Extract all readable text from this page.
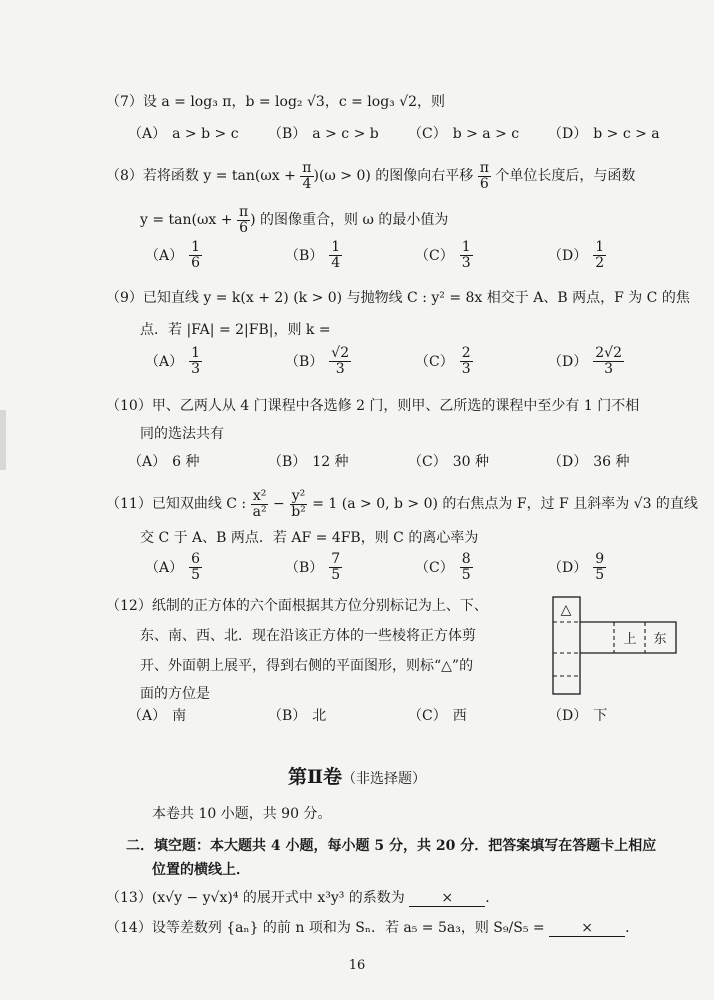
（7）设 a = log₃ π，b = log₂ √3，c = log₃ √2，则
（A） a > b > c （B） a > c > b （C） b > a > c （D） b > c > a
（8）若将函数 $y = \tan(\omega x + \frac{\pi}{4} )(\omega > 0)$ 的图像向右平移 $\frac{\pi}{6}$ 个单位长度后，与函数
$y = \tan(\omega x + \frac{\pi}{6}$ ) 的图像重合，则 ω 的最小值为
$(A) \frac{1}{6}$	$(B) \frac{1}{4}$	$(C) \frac{1}{3}$	$(D) \frac{1}{2}$
（9）已知直线 y = k(x + 2) (k > 0) 与抛物线 C : y² = 8x 相交于 A、B 两点，F 为 C 的焦
点．若 |FA| = 2|FB|，则 k =
$(A) \frac{1}{3}$	$(B) \frac{√2}{3}$	$(C) \frac{2}{3}$	$(D) \frac{2√2}{3}$
（10）甲、乙两人从 4 门课程中各选修 2 门，则甲、乙所选的课程中至少有 1 门不相
同的选法共有
（A） 6 种	（B） 12 种	（C） 30 种	（D） 36 种
（11）已知双曲线 C : $\frac{\text{x²}}{\text{a²}} - \frac{\text{y²}}{\text{b²}} = 1$ (a > 0, b > 0) 的右焦点为 F，过 F 且斜率为 √3 的直线
交 C 于 A、B 两点．若 AF = 4FB，则 C 的离心率为
$(A) \frac{6}{5}$	$(B) \frac{7}{5}$	$(C) \frac{8}{5}$	$(D) \frac{9}{5}$
（12）纸制的正方体的六个面根据其方位分别标记为上、下、
东、南、西、北．现在沿该正方体的一些棱将正方体剪
开、外面朝上展平，得到右侧的平面图形，则标“△”的
面的方位是
△
上 东
（A） 南	（B） 北	（C） 西	（D） 下
第Ⅱ卷（非选择题）
本卷共 10 小题，共 90 分。
二．填空题：本大题共 4 小题，每小题 5 分，共 20 分．把答案填写在答题卡上相应
位置的横线上．
（13）(x√y − y√x)⁴ 的展开式中 x³y³ 的系数为	× ．
（14）设等差数列 {aₙ} 的前 n 项和为 Sₙ．若 a₅ = 5a₃，则 S₉/S₅ = × ．
16
